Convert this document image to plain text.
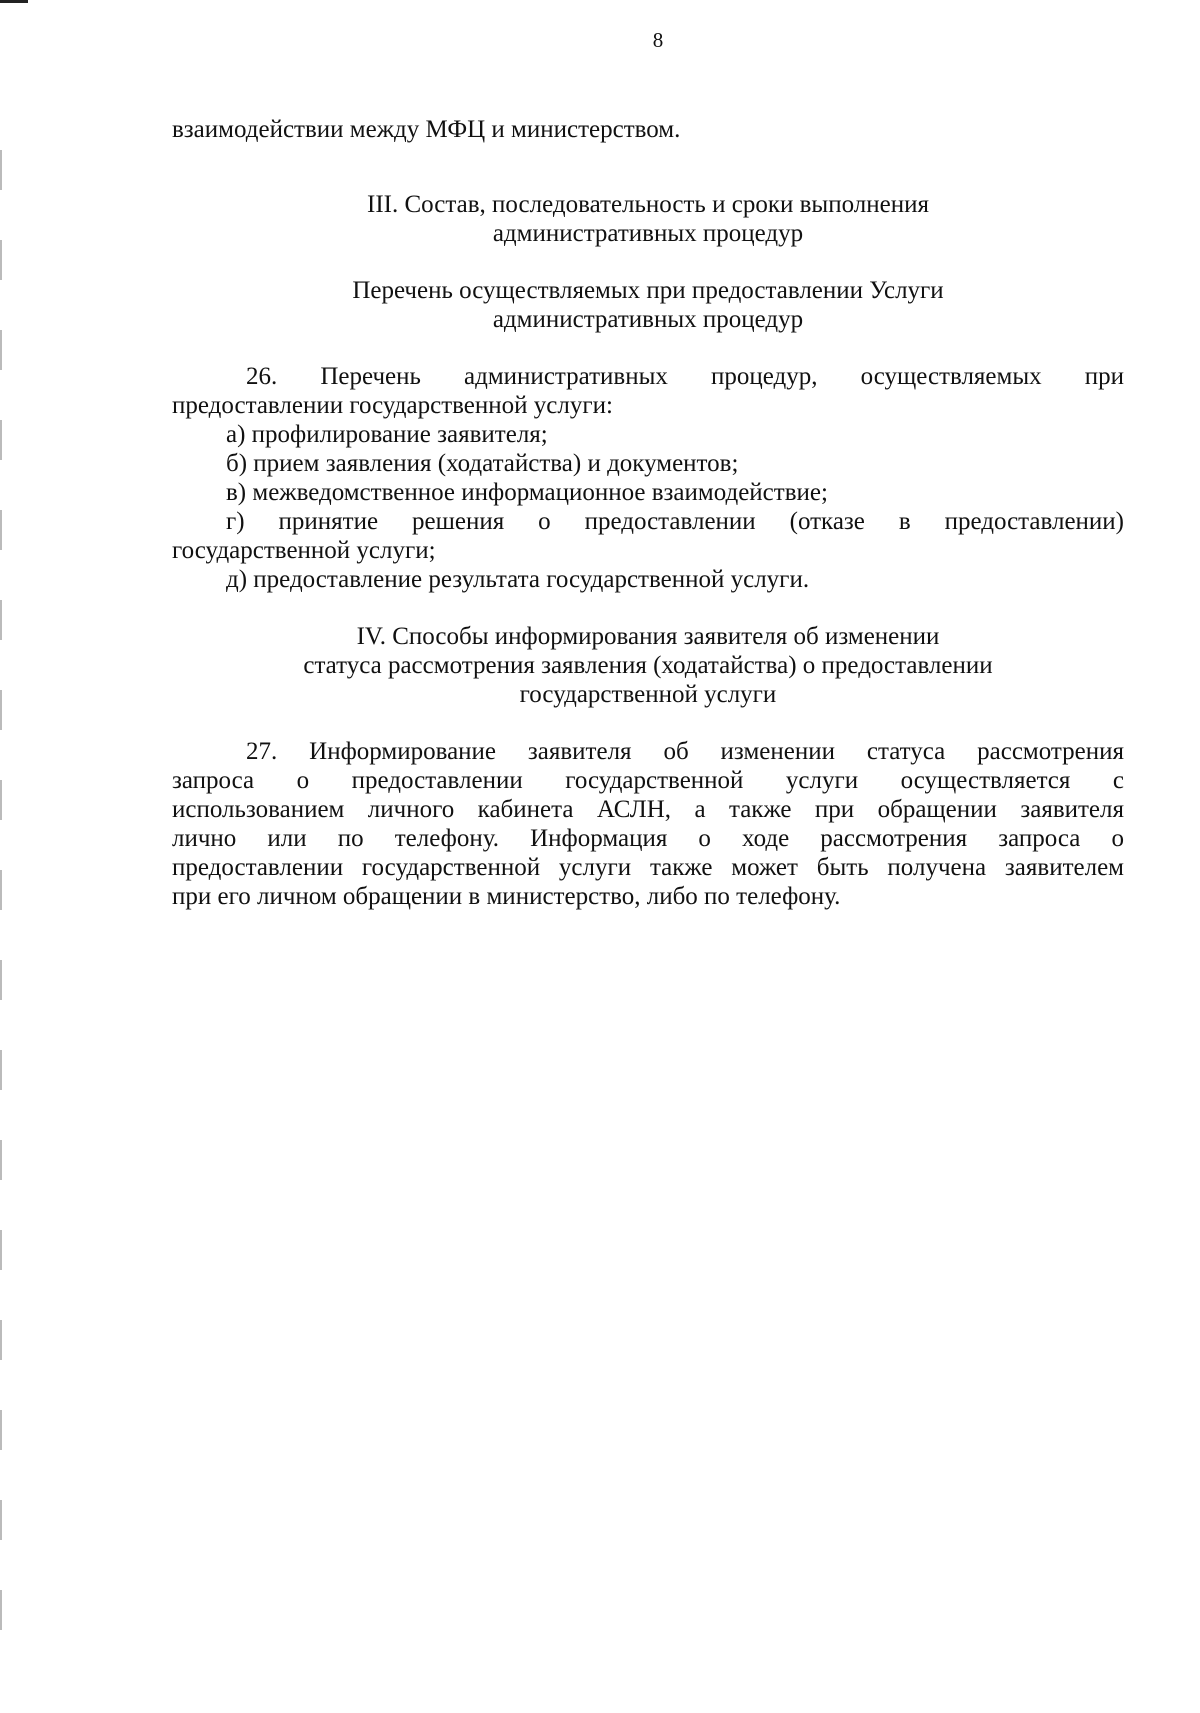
8

взаимодействии между МФЦ и министерством.

III. Состав, последовательность и сроки выполнения

административных процедур

Перечень осуществляемых при предоставлении Услуги

административных процедур

26. Перечень административных процедур, осуществляемых при

предоставлении государственной услуги:

а) профилирование заявителя;

б) прием заявления (ходатайства) и документов;

в) межведомственное информационное взаимодействие;

г) принятие решения о предоставлении (отказе в предоставлении)

государственной услуги;

д) предоставление результата государственной услуги.

IV. Способы информирования заявителя об изменении

статуса рассмотрения заявления (ходатайства) о предоставлении

государственной услуги

27. Информирование заявителя об изменении статуса рассмотрения
запроса о предоставлении государственной услуги осуществляется с
использованием личного кабинета АСЛН, а также при обращении заявителя
лично или по телефону. Информация о ходе рассмотрения запроса о
предоставлении государственной услуги также может быть получена заявителем

при его личном обращении в министерство, либо по телефону.
